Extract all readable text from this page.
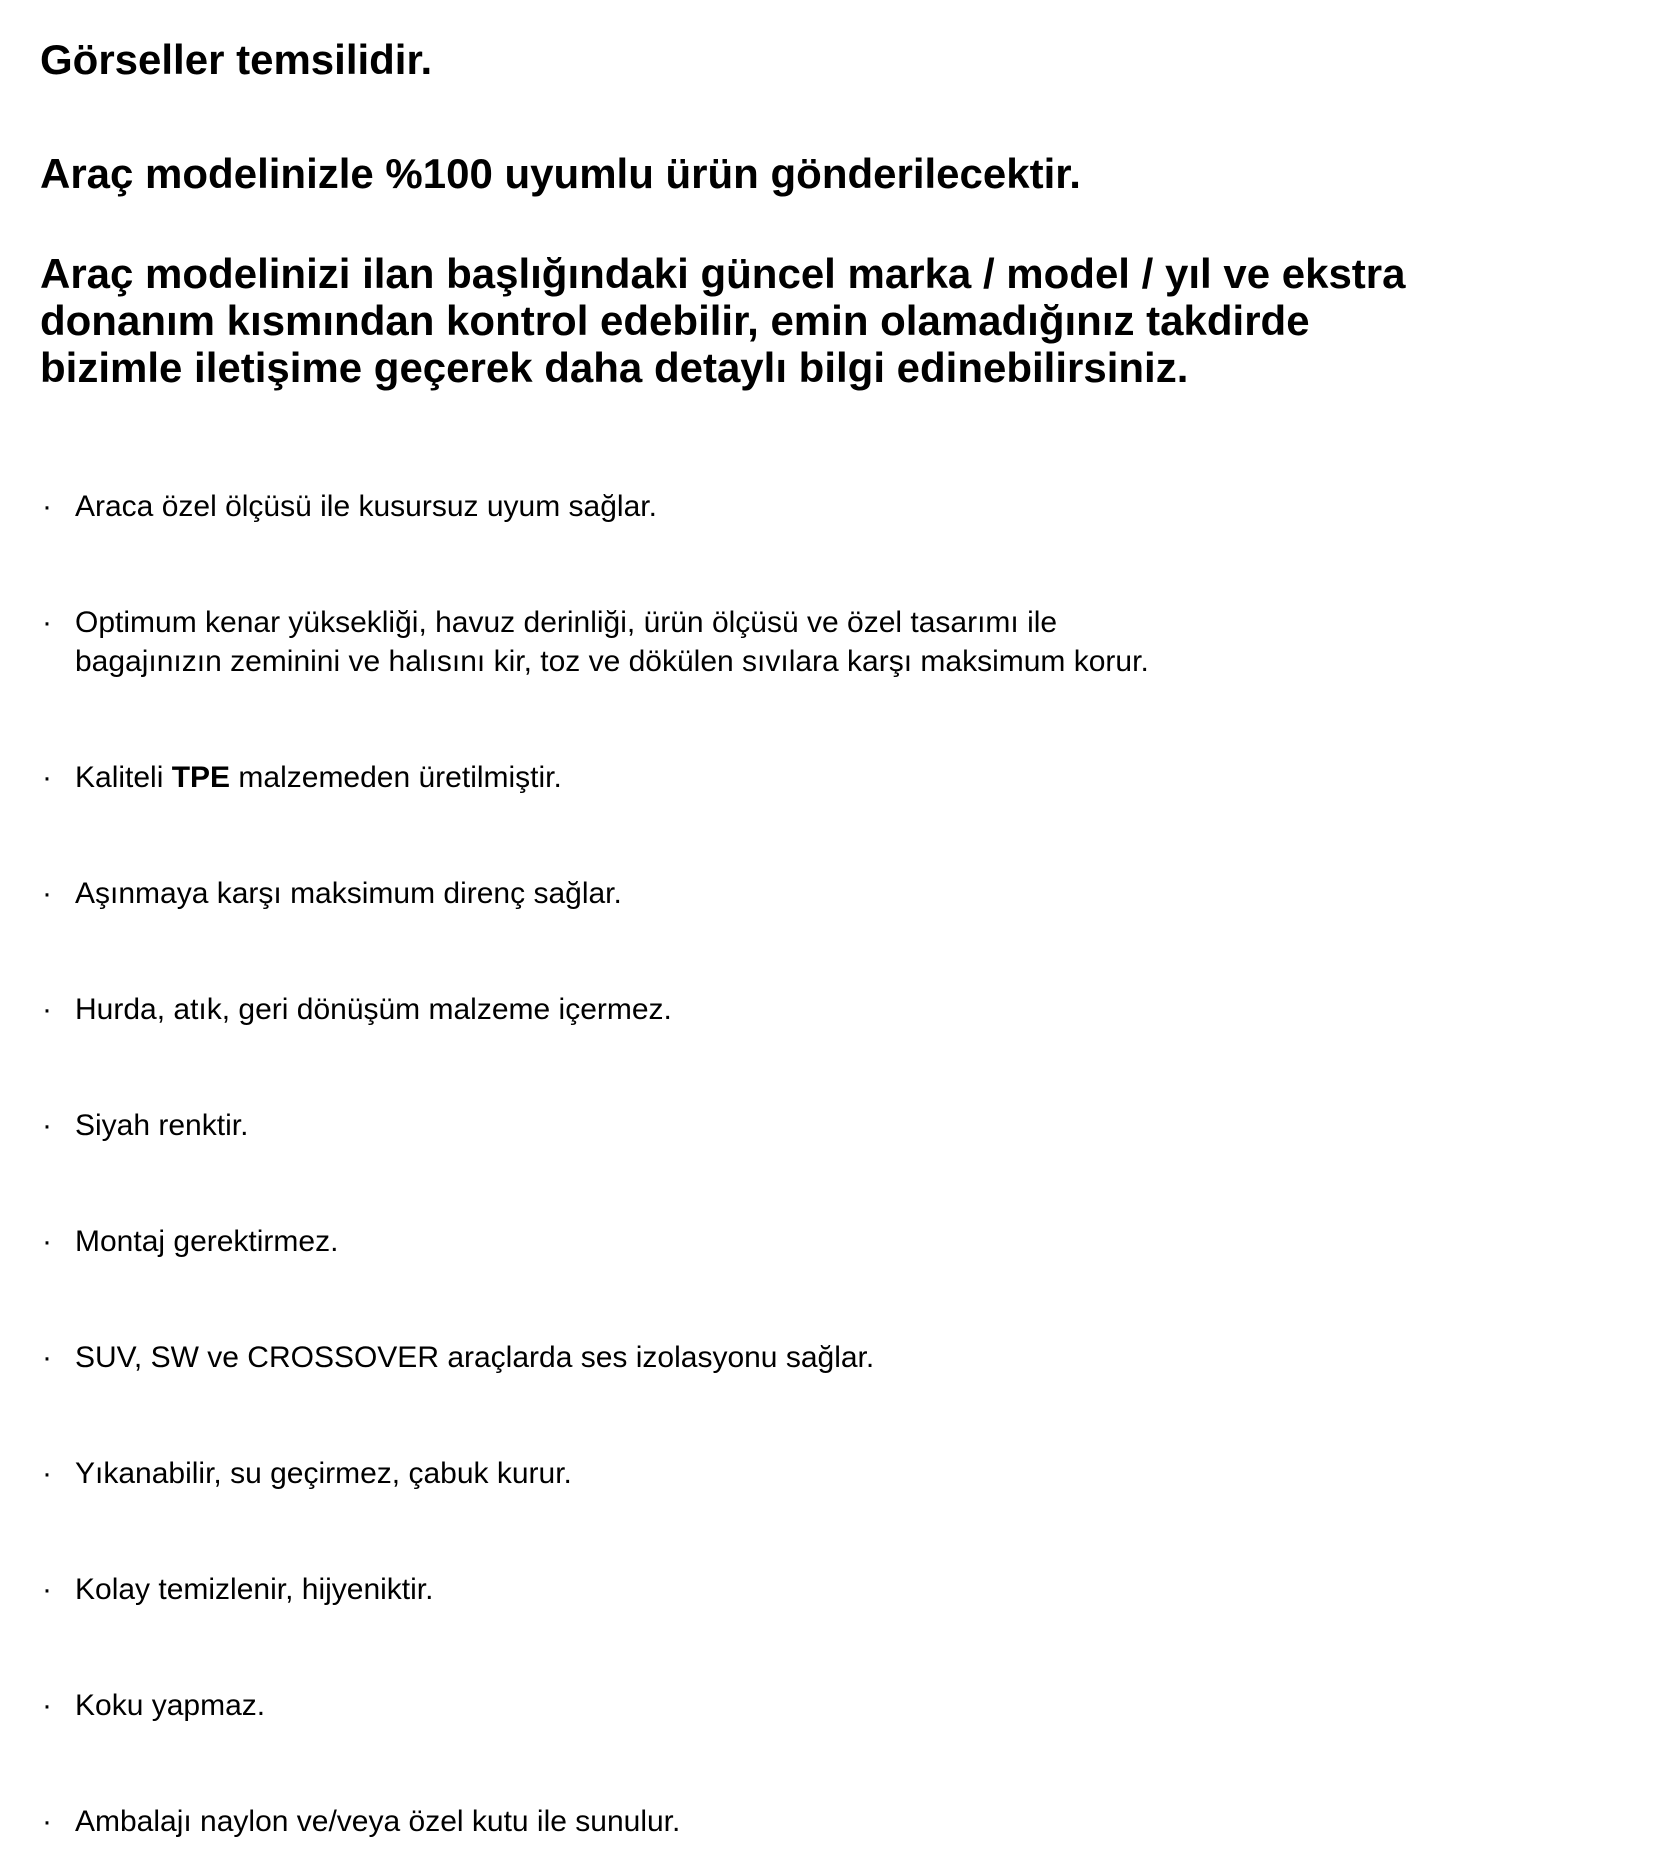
Görseller temsilidir.
Araç modelinizle %100 uyumlu ürün gönderilecektir.

Araç modelinizi ilan başlığındaki güncel marka / model / yıl ve ekstra donanım kısmından kontrol edebilir, emin olamadığınız takdirde bizimle iletişime geçerek daha detaylı bilgi edinebilirsiniz.

· Araca özel ölçüsü ile kusursuz uyum sağlar.
· Optimum kenar yüksekliği, havuz derinliği, ürün ölçüsü ve özel tasarımı ile
bagajınızın zeminini ve halısını kir, toz ve dökülen sıvılara karşı maksimum korur.
· Kaliteli TPE malzemeden üretilmiştir.
· Aşınmaya karşı maksimum direnç sağlar.
· Hurda, atık, geri dönüşüm malzeme içermez.
· Siyah renktir.
· Montaj gerektirmez.
· SUV, SW ve CROSSOVER araçlarda ses izolasyonu sağlar.
· Yıkanabilir, su geçirmez, çabuk kurur.
· Kolay temizlenir, hijyeniktir.
· Koku yapmaz.
· Ambalajı naylon ve/veya özel kutu ile sunulur.
